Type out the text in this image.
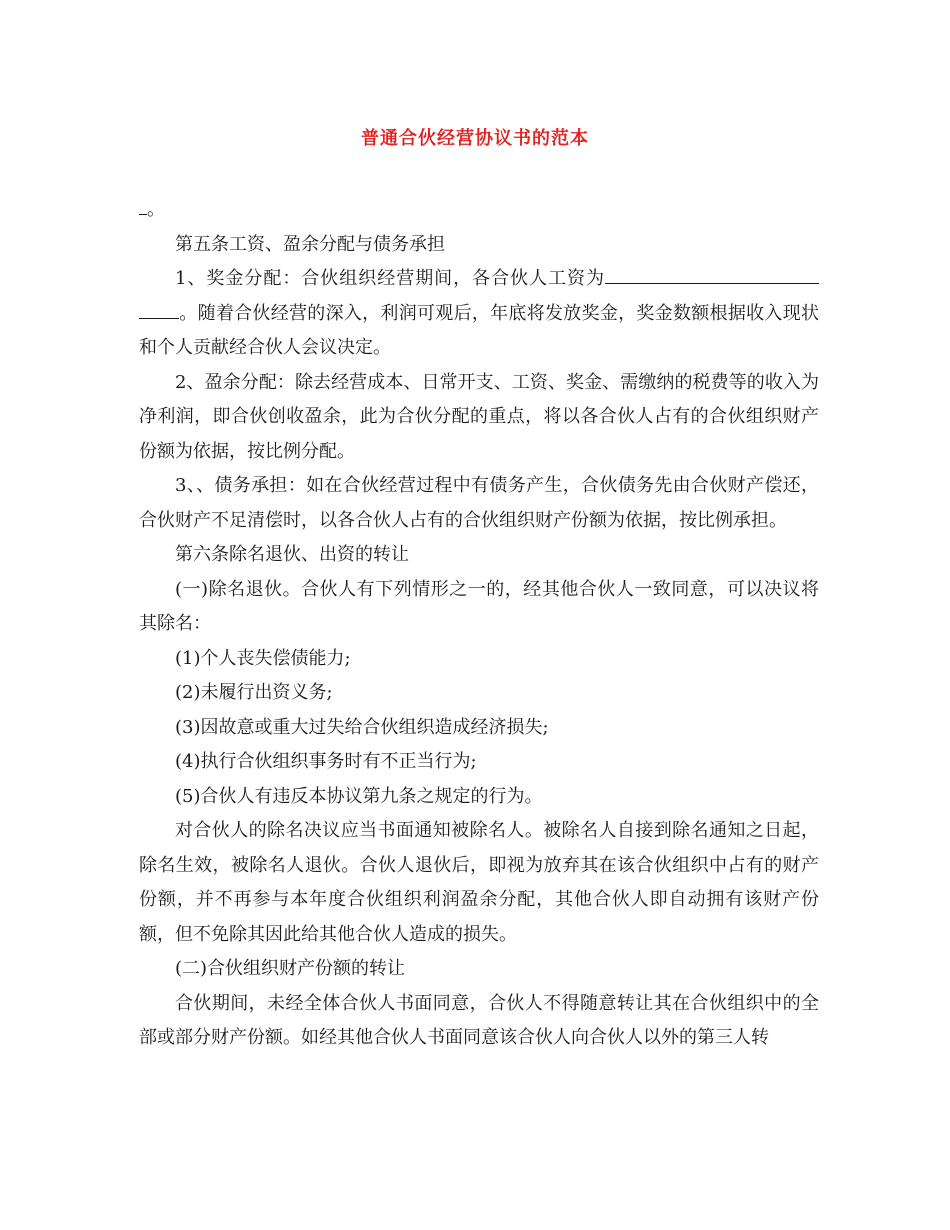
普通合伙经营协议书的范本

。

第五条工资、盈余分配与债务承担

1、奖金分配：合伙组织经营期间，各合伙人工资为。随着合伙经营的深入，利润可观后，年底将发放奖金，奖金数额根据收入现状和个人贡献经合伙人会议决定。

2、盈余分配：除去经营成本、日常开支、工资、奖金、需缴纳的税费等的收入为净利润，即合伙创收盈余，此为合伙分配的重点，将以各合伙人占有的合伙组织财产份额为依据，按比例分配。

3、、债务承担：如在合伙经营过程中有债务产生，合伙债务先由合伙财产偿还，合伙财产不足清偿时，以各合伙人占有的合伙组织财产份额为依据，按比例承担。

第六条除名退伙、出资的转让

(一)除名退伙。合伙人有下列情形之一的，经其他合伙人一致同意，可以决议将其除名：

(1)个人丧失偿债能力;

(2)未履行出资义务;

(3)因故意或重大过失给合伙组织造成经济损失;

(4)执行合伙组织事务时有不正当行为;

(5)合伙人有违反本协议第九条之规定的行为。

对合伙人的除名决议应当书面通知被除名人。被除名人自接到除名通知之日起，除名生效，被除名人退伙。合伙人退伙后，即视为放弃其在该合伙组织中占有的财产份额，并不再参与本年度合伙组织利润盈余分配，其他合伙人即自动拥有该财产份额，但不免除其因此给其他合伙人造成的损失。

(二)合伙组织财产份额的转让

合伙期间，未经全体合伙人书面同意，合伙人不得随意转让其在合伙组织中的全部或部分财产份额。如经其他合伙人书面同意该合伙人向合伙人以外的第三人转
